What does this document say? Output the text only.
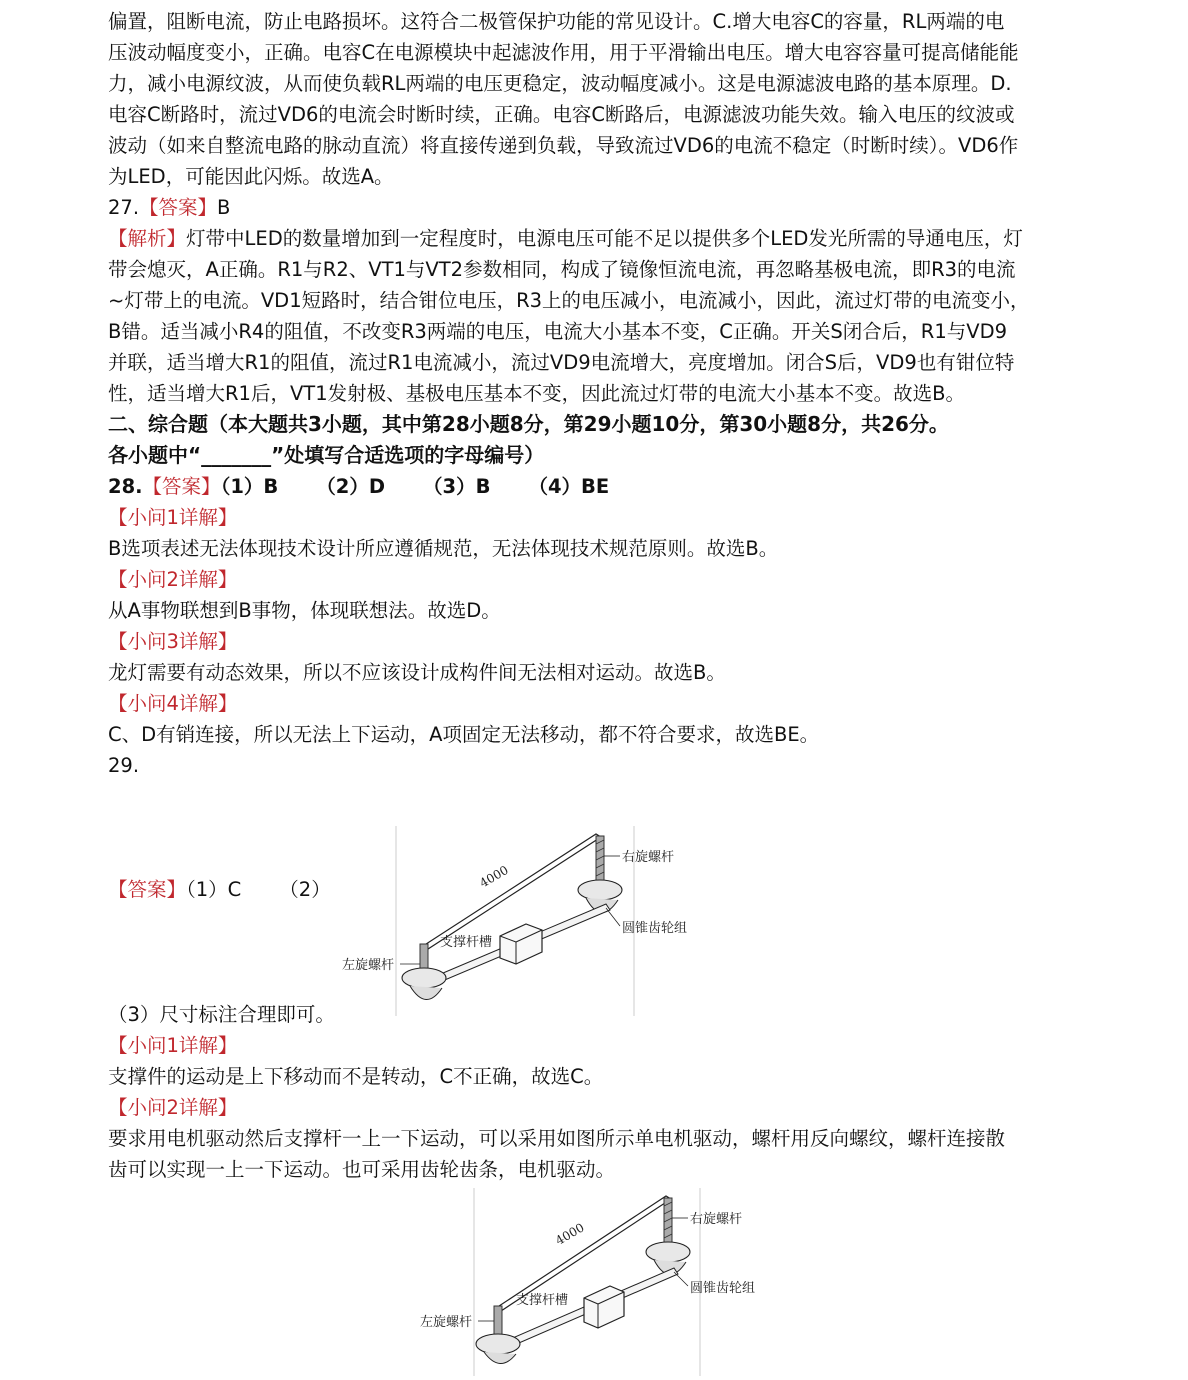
偏置，阻断电流，防止电路损坏。这符合二极管保护功能的常见设计。C.增大电容C的容量，RL两端的电
压波动幅度变小，正确。电容C在电源模块中起滤波作用，用于平滑输出电压。增大电容容量可提高储能能
力，减小电源纹波，从而使负载RL两端的电压更稳定，波动幅度减小。这是电源滤波电路的基本原理。D.
电容C断路时，流过VD6的电流会时断时续，正确。电容C断路后，电源滤波功能失效。输入电压的纹波或
波动（如来自整流电路的脉动直流）将直接传递到负载，导致流过VD6的电流不稳定（时断时续）。VD6作
为LED，可能因此闪烁。故选A。
27.【答案】B
【解析】灯带中LED的数量增加到一定程度时，电源电压可能不足以提供多个LED发光所需的导通电压，灯
带会熄灭，A正确。R1与R2、VT1与VT2参数相同，构成了镜像恒流电流，再忽略基极电流，即R3的电流
~灯带上的电流。VD1短路时，结合钳位电压，R3上的电压减小，电流减小，因此，流过灯带的电流变小，
B错。适当减小R4的阻值，不改变R3两端的电压，电流大小基本不变，C正确。开关S闭合后，R1与VD9
并联，适当增大R1的阻值，流过R1电流减小，流过VD9电流增大，亮度增加。闭合S后，VD9也有钳位特
性，适当增大R1后，VT1发射极、基极电压基本不变，因此流过灯带的电流大小基本不变。故选B。
二、综合题（本大题共3小题，其中第28小题8分，第29小题10分，第30小题8分，共26分。
各小题中“_______”处填写合适选项的字母编号）
28.【答案】（1）B （2）D （3）B （4）BE
【小问1详解】
B选项表述无法体现技术设计所应遵循规范，无法体现技术规范原则。故选B。
【小问2详解】
从A事物联想到B事物，体现联想法。故选D。
【小问3详解】
龙灯需要有动态效果，所以不应该设计成构件间无法相对运动。故选B。
【小问4详解】
C、D有销连接，所以无法上下运动，A项固定无法移动，都不符合要求，故选BE。
29.
【答案】（1）C （2）	4000
右旋螺杆
圆锥齿轮组
支撑杆槽
左旋螺杆
（3）尺寸标注合理即可。
【小问1详解】
支撑件的运动是上下移动而不是转动，C不正确，故选C。
【小问2详解】
要求用电机驱动然后支撑杆一上一下运动，可以采用如图所示单电机驱动，螺杆用反向螺纹，螺杆连接散
齿可以实现一上一下运动。也可采用齿轮齿条，电机驱动。
4000
右旋螺杆
圆锥齿轮组
支撑杆槽
左旋螺杆
